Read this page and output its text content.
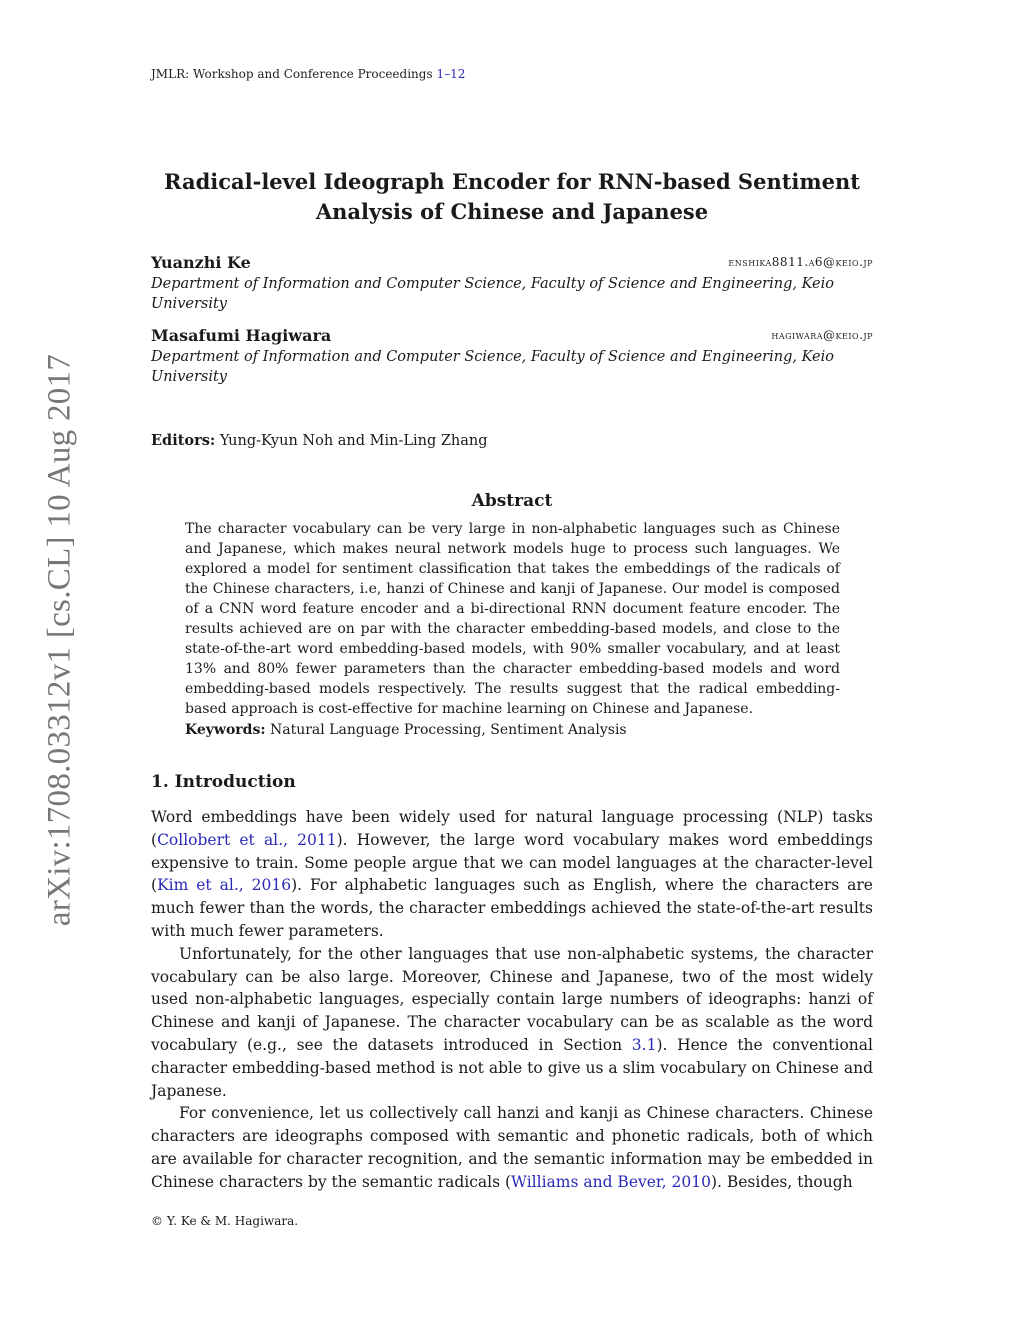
JMLR: Workshop and Conference Proceedings 1–12
Radical-level Ideograph Encoder for RNN-based Sentiment
Analysis of Chinese and Japanese
Yuanzhi Ke	enshika8811.a6@keio.jp
Department of Information and Computer Science, Faculty of Science and Engineering, Keio University
Masafumi Hagiwara	hagiwara@keio.jp
Department of Information and Computer Science, Faculty of Science and Engineering, Keio University
Editors: Yung-Kyun Noh and Min-Ling Zhang
Abstract
The character vocabulary can be very large in non-alphabetic languages such as Chinese and Japanese, which makes neural network models huge to process such languages. We explored a model for sentiment classification that takes the embeddings of the radicals of the Chinese characters, i.e, hanzi of Chinese and kanji of Japanese. Our model is composed of a CNN word feature encoder and a bi-directional RNN document feature encoder. The results achieved are on par with the character embedding-based models, and close to the state-of-the-art word embedding-based models, with 90% smaller vocabulary, and at least 13% and 80% fewer parameters than the character embedding-based models and word embedding-based models respectively. The results suggest that the radical embedding-based approach is cost-effective for machine learning on Chinese and Japanese.
Keywords: Natural Language Processing, Sentiment Analysis
1. Introduction

Word embeddings have been widely used for natural language processing (NLP) tasks (Collobert et al., 2011). However, the large word vocabulary makes word embeddings expensive to train. Some people argue that we can model languages at the character-level (Kim et al., 2016). For alphabetic languages such as English, where the characters are much fewer than the words, the character embeddings achieved the state-of-the-art results with much fewer parameters.

Unfortunately, for the other languages that use non-alphabetic systems, the character vocabulary can be also large. Moreover, Chinese and Japanese, two of the most widely used non-alphabetic languages, especially contain large numbers of ideographs: hanzi of Chinese and kanji of Japanese. The character vocabulary can be as scalable as the word vocabulary (e.g., see the datasets introduced in Section 3.1). Hence the conventional character embedding-based method is not able to give us a slim vocabulary on Chinese and Japanese.

For convenience, let us collectively call hanzi and kanji as Chinese characters. Chinese characters are ideographs composed with semantic and phonetic radicals, both of which are available for character recognition, and the semantic information may be embedded in Chinese characters by the semantic radicals (Williams and Bever, 2010). Besides, though

© Y. Ke & M. Hagiwara.
arXiv:1708.03312v1 [cs.CL] 10 Aug 2017
